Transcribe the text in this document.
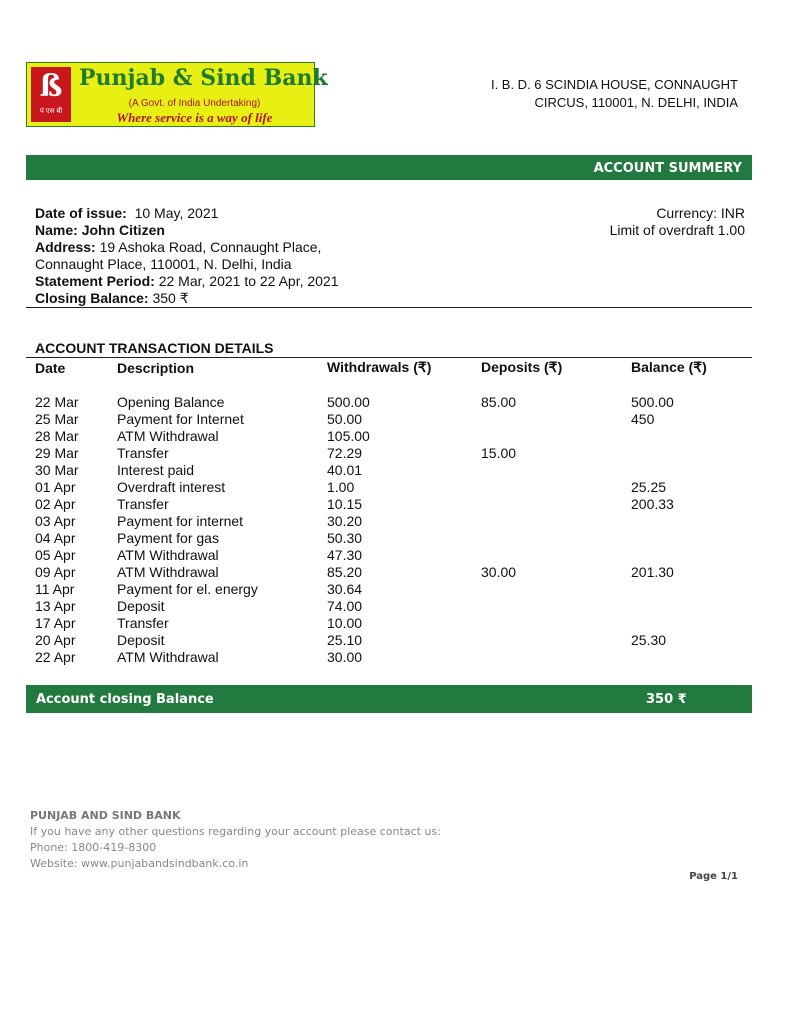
ß
पं एस बी
Punjab & Sind Bank
(A Govt. of India Undertaking)
Where service is a way of life
I. B. D. 6 SCINDIA HOUSE, CONNAUGHT
CIRCUS, 110001, N. DELHI, INDIA
ACCOUNT SUMMERY
Date of issue: 10 May, 2021
Name: John Citizen
Address: 19 Ashoka Road, Connaught Place,
Connaught Place, 110001, N. Delhi, India
Statement Period: 22 Mar, 2021 to 22 Apr, 2021
Closing Balance: 350 ₹
Currency: INR
Limit of overdraft 1.00
ACCOUNT TRANSACTION DETAILS
Date	Description	Withdrawals (₹)	Deposits (₹)	Balance (₹)
22 Mar	Opening Balance	500.00	85.00	500.00
25 Mar	Payment for Internet	50.00		450
28 Mar	ATM Withdrawal	105.00		
29 Mar	Transfer	72.29	15.00	
30 Mar	Interest paid	40.01		
01 Apr	Overdraft interest	1.00		25.25
02 Apr	Transfer	10.15		200.33
03 Apr	Payment for internet	30.20		
04 Apr	Payment for gas	50.30		
05 Apr	ATM Withdrawal	47.30		
09 Apr	ATM Withdrawal	85.20	30.00	201.30
11 Apr	Payment for el. energy	30.64		
13 Apr	Deposit	74.00		
17 Apr	Transfer	10.00		
20 Apr	Deposit	25.10		25.30
22 Apr	ATM Withdrawal	30.00		
Account closing Balance	350 ₹
PUNJAB AND SIND BANK
If you have any other questions regarding your account please contact us:
Phone: 1800-419-8300
Website: www.punjabandsindbank.co.in
Page 1/1
